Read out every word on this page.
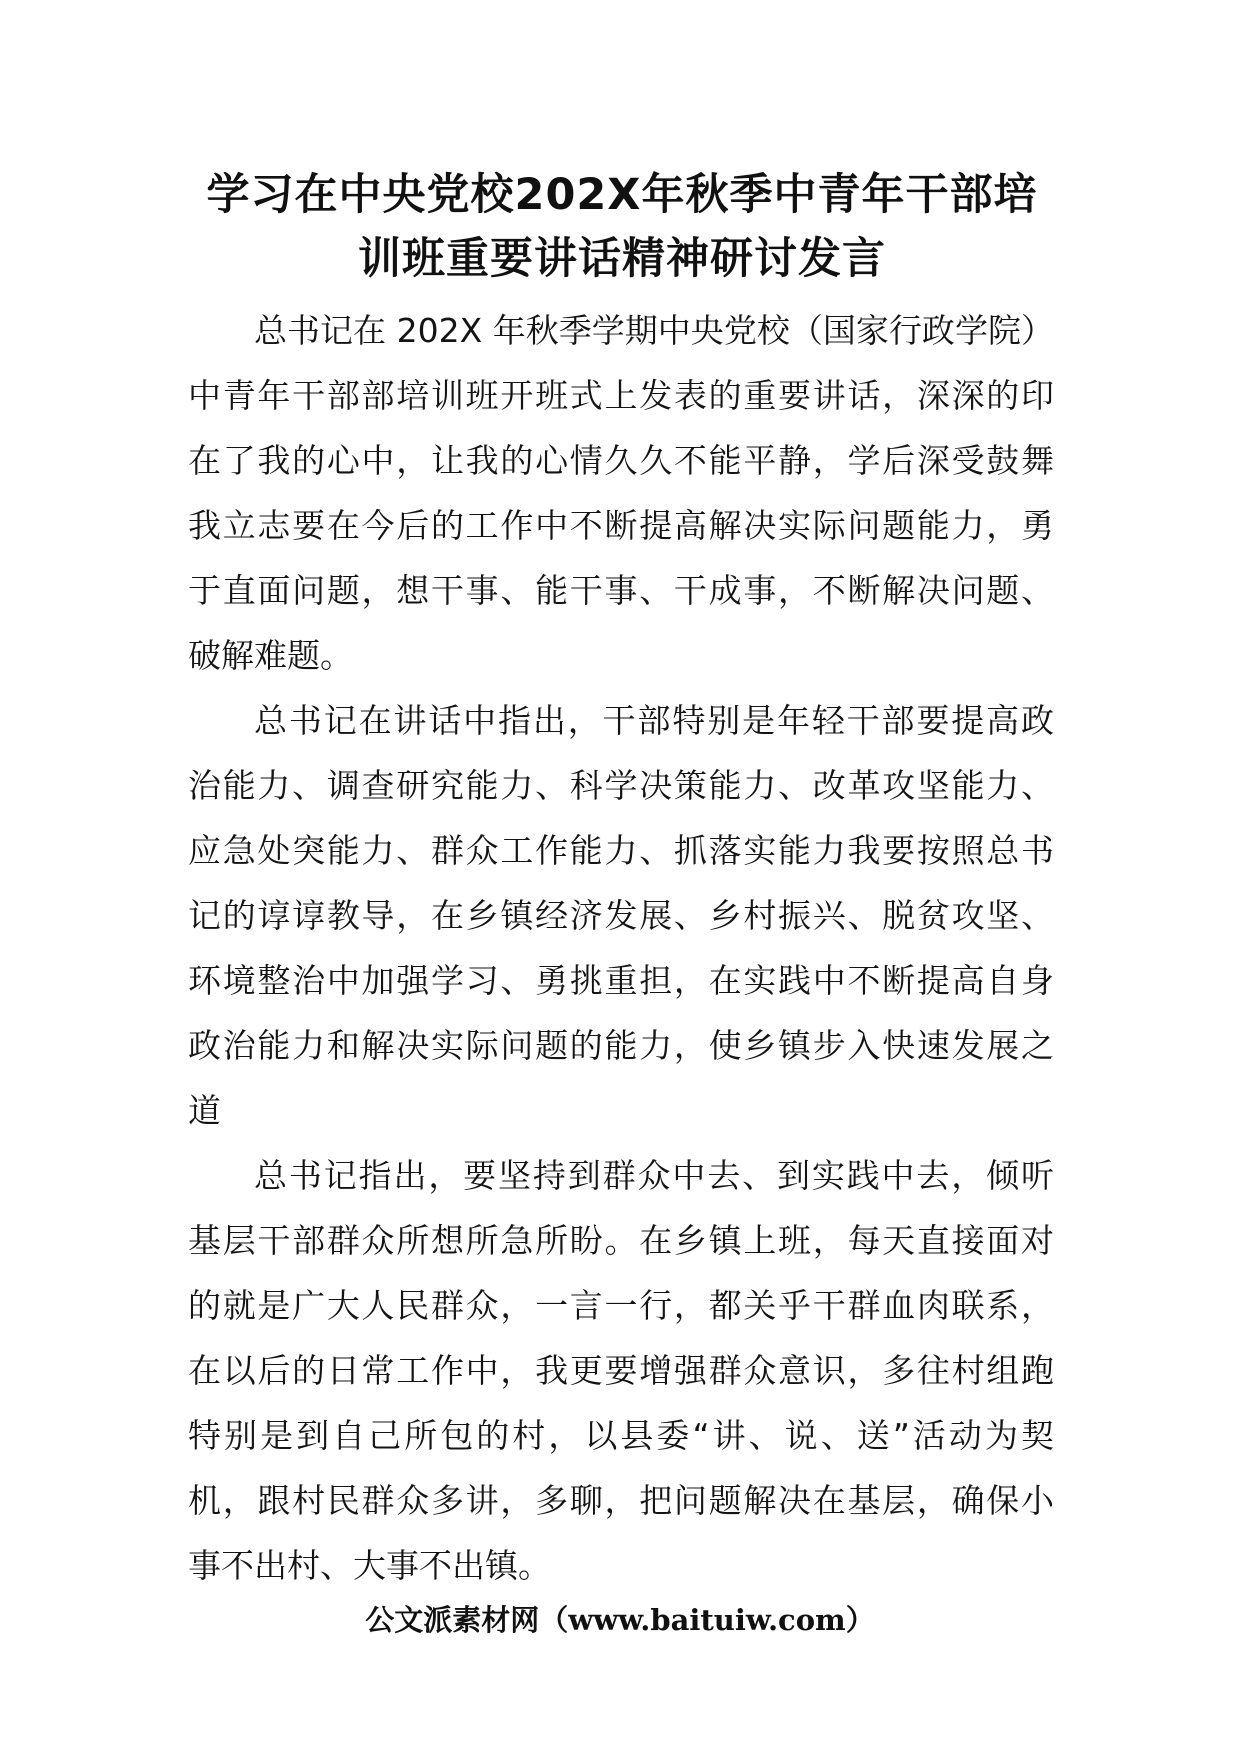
学习在中央党校202X年秋季中青年干部培
训班重要讲话精神研讨发言

总书记在 202X 年秋季学期中央党校（国家行政学院）
中青年干部部培训班开班式上发表的重要讲话，深深的印
在了我的心中，让我的心情久久不能平静，学后深受鼓舞
我立志要在今后的工作中不断提高解决实际问题能力，勇
于直面问题，想干事、能干事、干成事，不断解决问题、
破解难题。

总书记在讲话中指出，干部特别是年轻干部要提高政
治能力、调查研究能力、科学决策能力、改革攻坚能力、
应急处突能力、群众工作能力、抓落实能力我要按照总书
记的谆谆教导，在乡镇经济发展、乡村振兴、脱贫攻坚、
环境整治中加强学习、勇挑重担，在实践中不断提高自身
政治能力和解决实际问题的能力，使乡镇步入快速发展之
道

总书记指出，要坚持到群众中去、到实践中去，倾听
基层干部群众所想所急所盼。在乡镇上班，每天直接面对
的就是广大人民群众，一言一行，都关乎干群血肉联系，
在以后的日常工作中，我更要增强群众意识，多往村组跑
特别是到自己所包的村，以县委“讲、说、送”活动为契
机，跟村民群众多讲，多聊，把问题解决在基层，确保小
事不出村、大事不出镇。

公文派素材网（www.baituiw.com）
